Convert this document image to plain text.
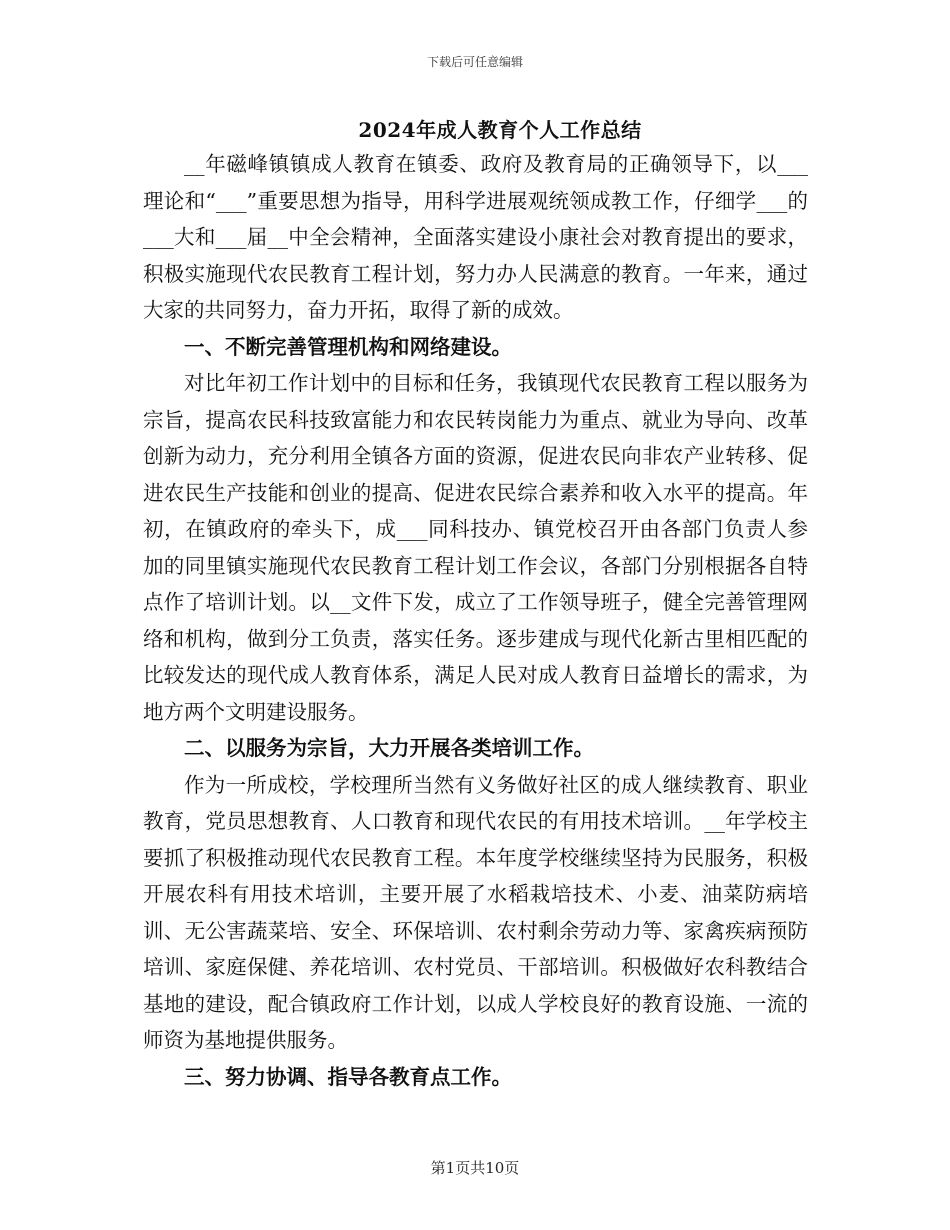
下载后可任意编辑
2024年成人教育个人工作总结

__年磁峰镇镇成人教育在镇委、政府及教育局的正确领导下，以___理论和“___”重要思想为指导，用科学进展观统领成教工作，仔细学___的___大和___届__中全会精神，全面落实建设小康社会对教育提出的要求，积极实施现代农民教育工程计划，努力办人民满意的教育。一年来，通过大家的共同努力，奋力开拓，取得了新的成效。

一、不断完善管理机构和网络建设。

对比年初工作计划中的目标和任务，我镇现代农民教育工程以服务为宗旨，提高农民科技致富能力和农民转岗能力为重点、就业为导向、改革创新为动力，充分利用全镇各方面的资源，促进农民向非农产业转移、促进农民生产技能和创业的提高、促进农民综合素养和收入水平的提高。年初，在镇政府的牵头下，成___同科技办、镇党校召开由各部门负责人参加的同里镇实施现代农民教育工程计划工作会议，各部门分别根据各自特点作了培训计划。以__文件下发，成立了工作领导班子，健全完善管理网络和机构，做到分工负责，落实任务。逐步建成与现代化新古里相匹配的比较发达的现代成人教育体系，满足人民对成人教育日益增长的需求，为地方两个文明建设服务。

二、以服务为宗旨，大力开展各类培训工作。

作为一所成校，学校理所当然有义务做好社区的成人继续教育、职业教育，党员思想教育、人口教育和现代农民的有用技术培训。__年学校主要抓了积极推动现代农民教育工程。本年度学校继续坚持为民服务，积极开展农科有用技术培训，主要开展了水稻栽培技术、小麦、油菜防病培训、无公害蔬菜培、安全、环保培训、农村剩余劳动力等、家禽疾病预防培训、家庭保健、养花培训、农村党员、干部培训。积极做好农科教结合基地的建设，配合镇政府工作计划，以成人学校良好的教育设施、一流的师资为基地提供服务。

三、努力协调、指导各教育点工作。

第1页共10页
